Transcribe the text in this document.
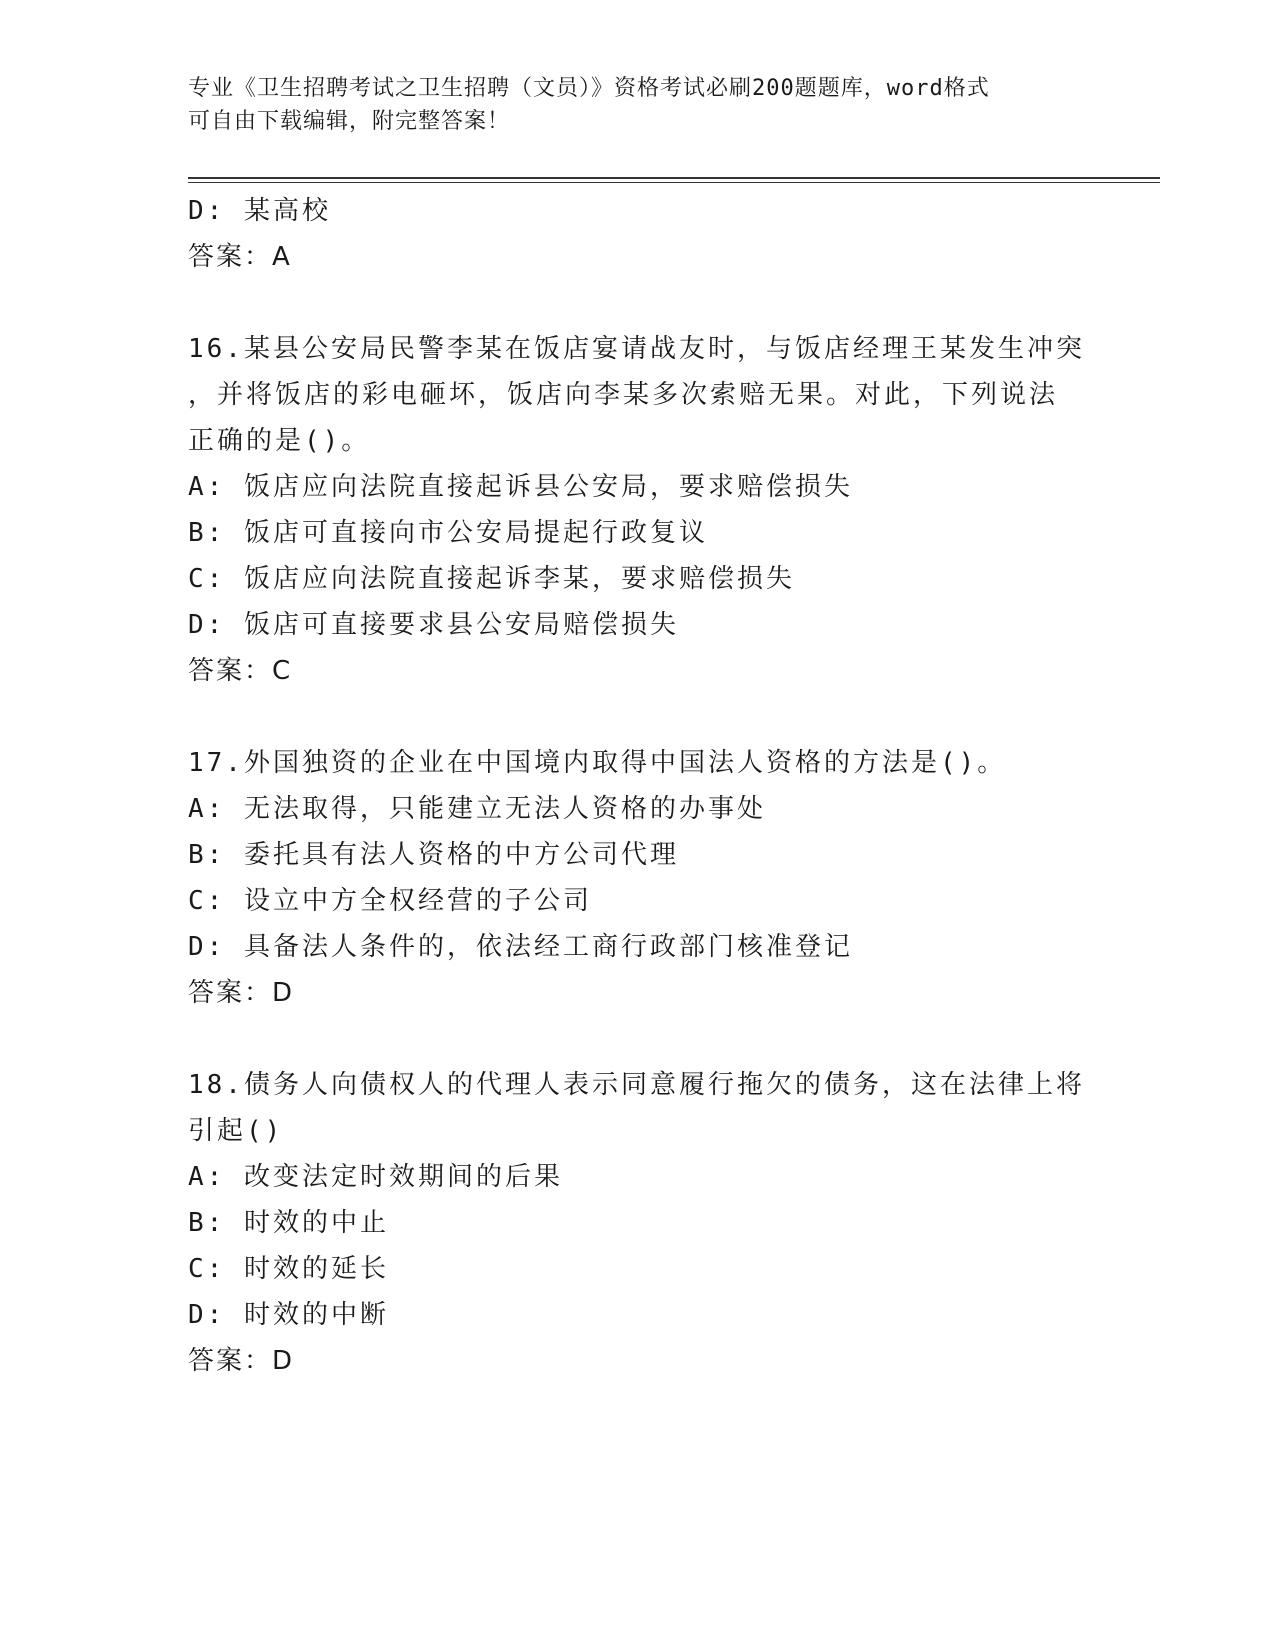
专业《卫生招聘考试之卫生招聘（文员）》资格考试必刷200题题库，word格式
可自由下载编辑，附完整答案！
D: 某高校
答案：A
16.某县公安局民警李某在饭店宴请战友时，与饭店经理王某发生冲突
，并将饭店的彩电砸坏，饭店向李某多次索赔无果。对此，下列说法
正确的是()。
A: 饭店应向法院直接起诉县公安局，要求赔偿损失
B: 饭店可直接向市公安局提起行政复议
C: 饭店应向法院直接起诉李某，要求赔偿损失
D: 饭店可直接要求县公安局赔偿损失
答案：C
17.外国独资的企业在中国境内取得中国法人资格的方法是()。
A: 无法取得，只能建立无法人资格的办事处
B: 委托具有法人资格的中方公司代理
C: 设立中方全权经营的子公司
D: 具备法人条件的，依法经工商行政部门核准登记
答案：D
18.债务人向债权人的代理人表示同意履行拖欠的债务，这在法律上将
引起()
A: 改变法定时效期间的后果
B: 时效的中止
C: 时效的延长
D: 时效的中断
答案：D
